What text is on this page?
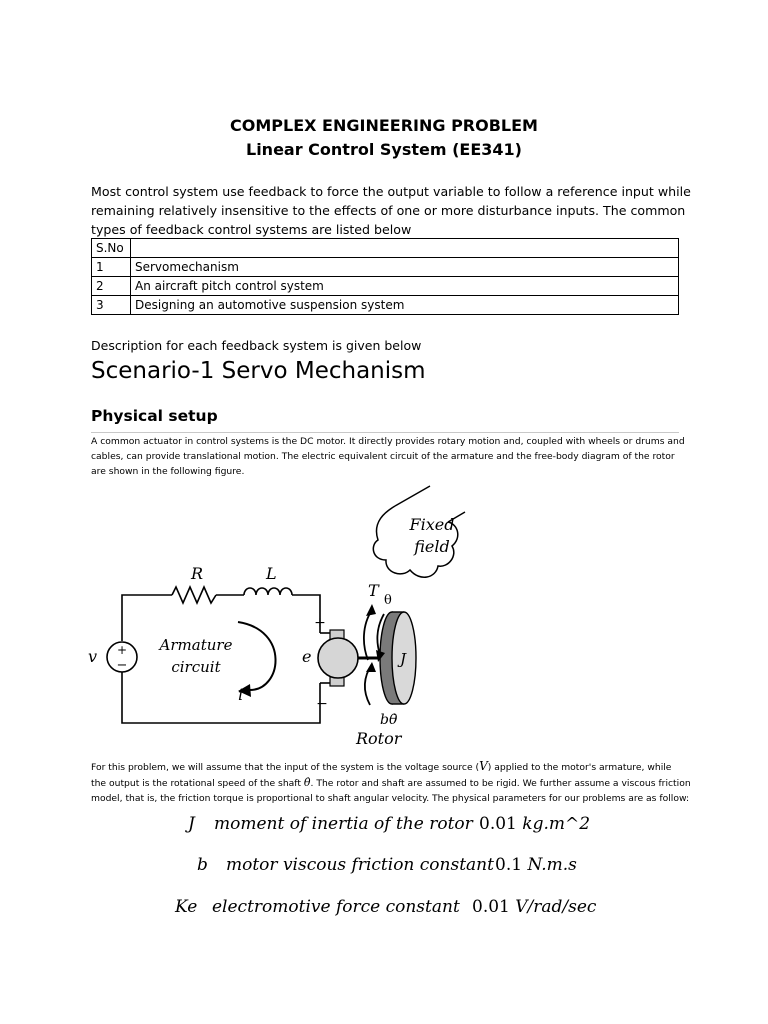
COMPLEX ENGINEERING PROBLEM
Linear Control System (EE341)
Most control system use feedback to force the output variable to follow a reference input while
remaining relatively insensitive to the effects of one or more disturbance inputs. The common
types of feedback control systems are listed below
S.No	
1	Servomechanism
2	An aircraft pitch control system
3	Designing an automotive suspension system
Description for each feedback system is given below
Scenario-1 Servo Mechanism
Physical setup
A common actuator in control systems is the DC motor. It directly provides rotary motion and, coupled with wheels or drums and
cables, can provide translational motion. The electric equivalent circuit of the armature and the free-body diagram of the rotor
are shown in the following figure.
+
−
v
R	L
Armature
circuit
i
+
−
e	J
T
θ
bθ̇
Rotor
Fixed
field
For this problem, we will assume that the input of the system is the voltage source (V) applied to the motor's armature, while
the output is the rotational speed of the shaft θ̇. The rotor and shaft are assumed to be rigid. We further assume a viscous friction
model, that is, the friction torque is proportional to shaft angular velocity. The physical parameters for our problems are as follow:
J moment of inertia of the rotor 0.01 kg.m^2
b motor viscous friction constant 0.1 N.m.s
Ke electromotive force constant 0.01 V/rad/sec
